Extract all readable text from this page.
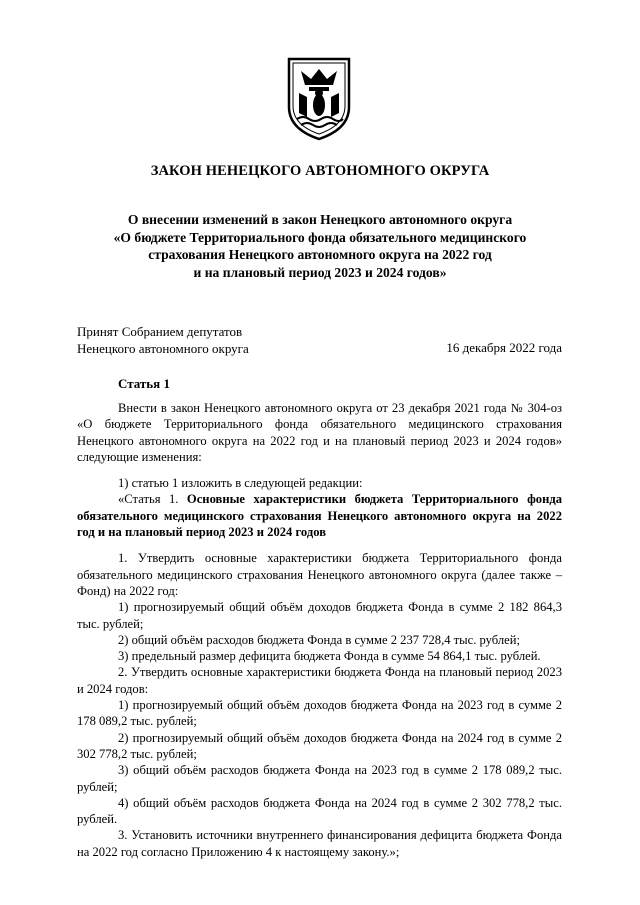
ЗАКОН НЕНЕЦКОГО АВТОНОМНОГО ОКРУГА
О внесении изменений в закон Ненецкого автономного округа
«О бюджете Территориального фонда обязательного медицинского
страхования Ненецкого автономного округа на 2022 год
и на плановый период 2023 и 2024 годов»
Принят Собранием депутатов
Ненецкого автономного округа	16 декабря 2022 года
Статья 1

Внести в закон Ненецкого автономного округа от 23 декабря 2021 года № 304-оз «О бюджете Территориального фонда обязательного медицинского страхования Ненецкого автономного округа на 2022 год и на плановый период 2023 и 2024 годов» следующие изменения:

1) статью 1 изложить в следующей редакции:

«Статья 1. Основные характеристики бюджета Территориального фонда обязательного медицинского страхования Ненецкого автономного округа на 2022 год и на плановый период 2023 и 2024 годов

1. Утвердить основные характеристики бюджета Территориального фонда обязательного медицинского страхования Ненецкого автономного округа (далее также – Фонд) на 2022 год:

1) прогнозируемый общий объём доходов бюджета Фонда в сумме 2 182 864,3 тыс. рублей;

2) общий объём расходов бюджета Фонда в сумме 2 237 728,4 тыс. рублей;

3) предельный размер дефицита бюджета Фонда в сумме 54 864,1 тыс. рублей.

2. Утвердить основные характеристики бюджета Фонда на плановый период 2023 и 2024 годов:

1) прогнозируемый общий объём доходов бюджета Фонда на 2023 год в сумме 2 178 089,2 тыс. рублей;

2) прогнозируемый общий объём доходов бюджета Фонда на 2024 год в сумме 2 302 778,2 тыс. рублей;

3) общий объём расходов бюджета Фонда на 2023 год в сумме 2 178 089,2 тыс. рублей;

4) общий объём расходов бюджета Фонда на 2024 год в сумме 2 302 778,2 тыс. рублей.

3. Установить источники внутреннего финансирования дефицита бюджета Фонда на 2022 год согласно Приложению 4 к настоящему закону.»;
